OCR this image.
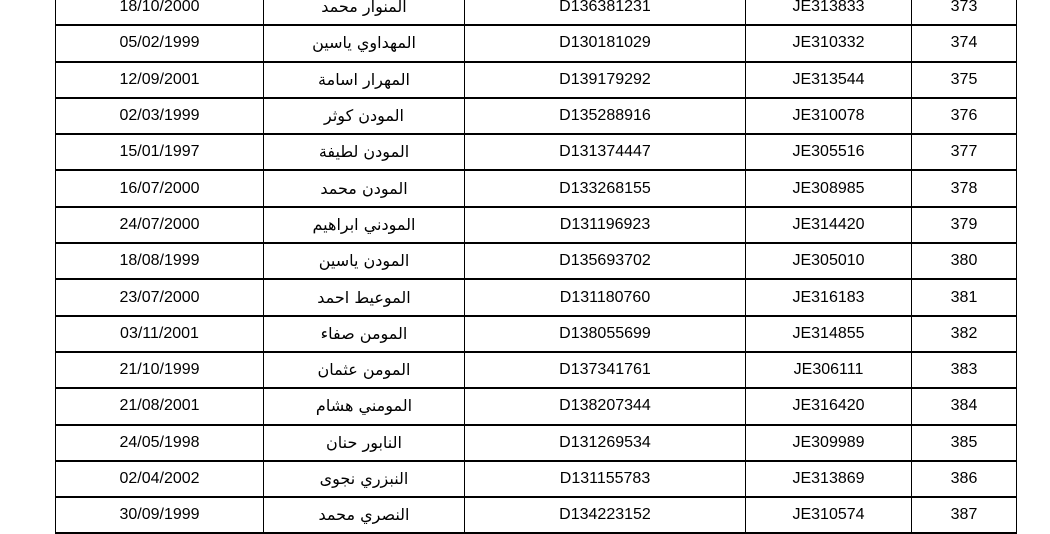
18/10/2000	المنوار محمد	D136381231	JE313833	373
05/02/1999	المهداوي ياسين	D130181029	JE310332	374
12/09/2001	المهرار اسامة	D139179292	JE313544	375
02/03/1999	المودن كوثر	D135288916	JE310078	376
15/01/1997	المودن لطيفة	D131374447	JE305516	377
16/07/2000	المودن محمد	D133268155	JE308985	378
24/07/2000	المودني ابراهيم	D131196923	JE314420	379
18/08/1999	المودن ياسين	D135693702	JE305010	380
23/07/2000	الموعيط احمد	D131180760	JE316183	381
03/11/2001	المومن صفاء	D138055699	JE314855	382
21/10/1999	المومن عثمان	D137341761	JE306111	383
21/08/2001	المومني هشام	D138207344	JE316420	384
24/05/1998	النابور حنان	D131269534	JE309989	385
02/04/2002	النبزري نجوى	D131155783	JE313869	386
30/09/1999	النصري محمد	D134223152	JE310574	387
